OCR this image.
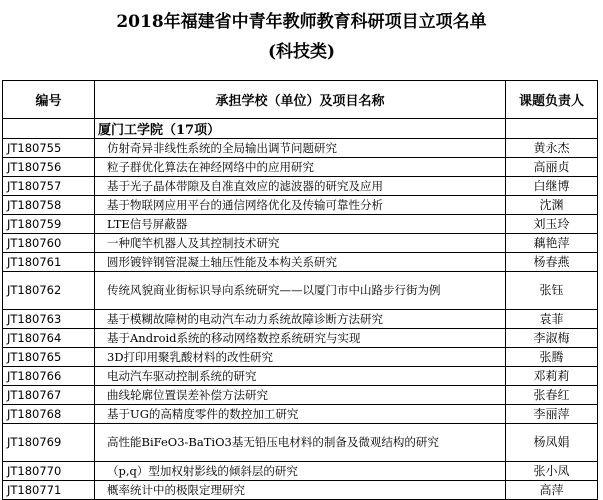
2018年福建省中青年教师教育科研项目立项名单
(科技类)
编号	承担学校（单位）及项目名称	课题负责人
	厦门工学院（17项）	
JT180755	仿射奇异非线性系统的全局输出调节问题研究	黄永杰
JT180756	粒子群优化算法在神经网络中的应用研究	高丽贞
JT180757	基于光子晶体带隙及自准直效应的滤波器的研究及应用	白继博
JT180758	基于物联网应用平台的通信网络优化及传输可靠性分析	沈渊
JT180759	LTE信号屏蔽器	刘玉玲
JT180760	一种爬竿机器人及其控制技术研究	藕艳萍
JT180761	圆形镀锌钢管混凝土轴压性能及本构关系研究	杨春燕
JT180762	传统风貌商业街标识导向系统研究——以厦门市中山路步行街为例	张钰
JT180763	基于模糊故障树的电动汽车动力系统故障诊断方法研究	袁菲
JT180764	基于Android系统的移动网络数控系统研究与实现	李淑梅
JT180765	3D打印用聚乳酸材料的改性研究	张腾
JT180766	电动汽车驱动控制系统的研究	邓莉莉
JT180767	曲线轮廓位置误差补偿方法研究	张春红
JT180768	基于UG的高精度零件的数控加工研究	李丽萍
JT180769	高性能BiFeO3-BaTiO3基无铅压电材料的制备及微观结构的研究	杨凤娟
JT180770	（p,q）型加权射影线的倾斜层的研究	张小凤
JT180771	概率统计中的极限定理研究	高萍
